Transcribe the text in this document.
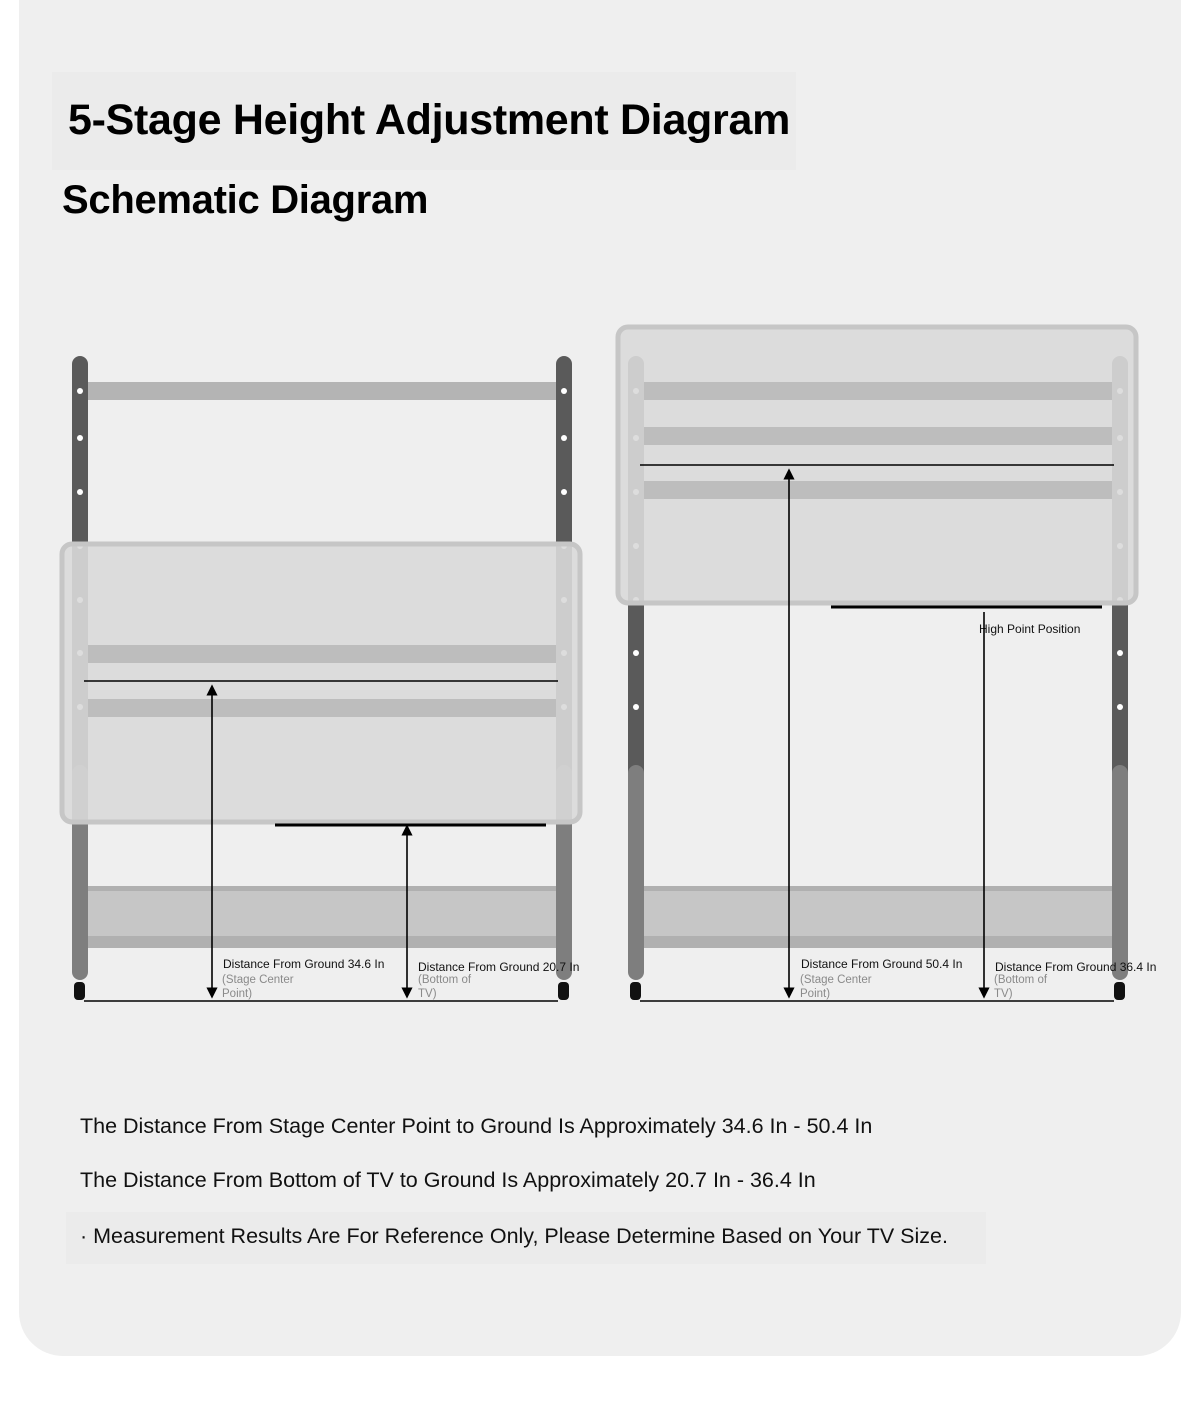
5-Stage Height Adjustment Diagram
Schematic Diagram
Distance From Ground 34.6 In
(Stage Center
Point)
Distance From Ground 20.7 In
(Bottom of
TV)
High Point Position
Distance From Ground 50.4 In
(Stage Center
Point)
Distance From Ground 36.4 In
(Bottom of
TV)

The Distance From Stage Center Point to Ground Is Approximately 34.6 In - 50.4 In

The Distance From Bottom of TV to Ground Is Approximately 20.7 In - 36.4 In

· Measurement Results Are For Reference Only, Please Determine Based on Your TV Size.
